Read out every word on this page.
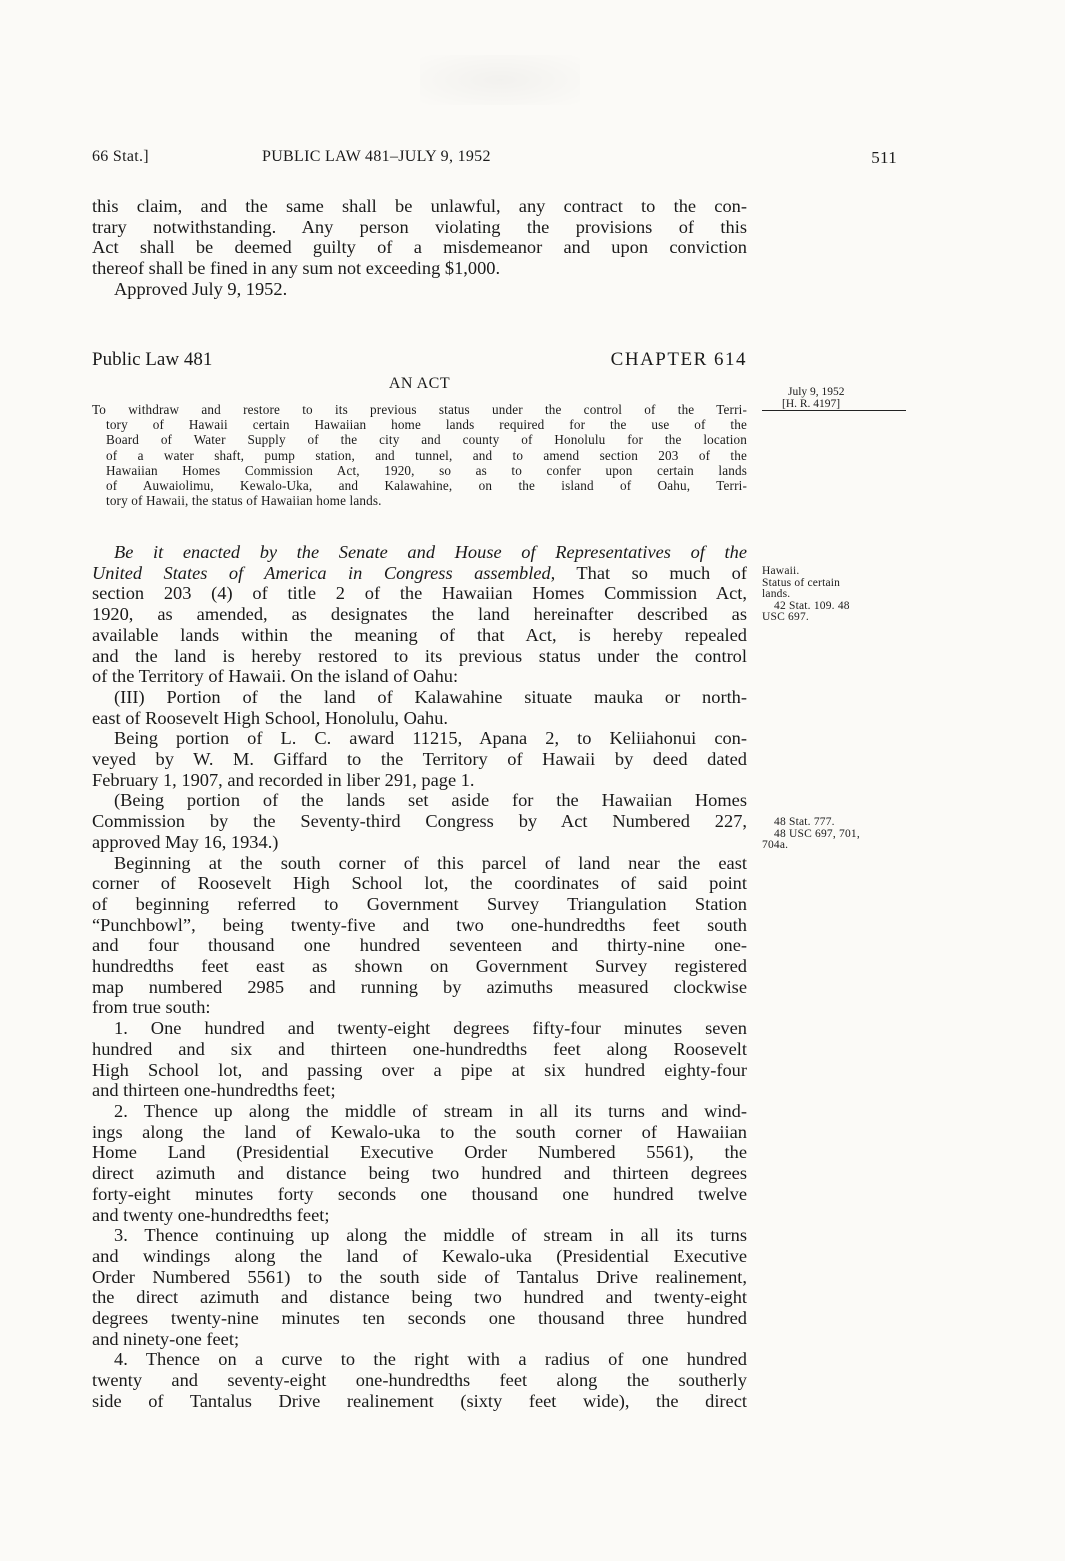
66 Stat.]	PUBLIC LAW 481–JULY 9, 1952	511
this claim, and the same shall be unlawful, any contract to the con-
trary notwithstanding. Any person violating the provisions of this
Act shall be deemed guilty of a misdemeanor and upon conviction
thereof shall be fined in any sum not exceeding $1,000.
Approved July 9, 1952.
Public Law 481	CHAPTER 614
AN ACT
To withdraw and restore to its previous status under the control of the Terri-
tory of Hawaii certain Hawaiian home lands required for the use of the
Board of Water Supply of the city and county of Honolulu for the location
of a water shaft, pump station, and tunnel, and to amend section 203 of the
Hawaiian Homes Commission Act, 1920, so as to confer upon certain lands
of Auwaiolimu, Kewalo-Uka, and Kalawahine, on the island of Oahu, Terri-
tory of Hawaii, the status of Hawaiian home lands.
July 9, 1952
[H. R. 4197]
Be it enacted by the Senate and House of Representatives of the
United States of America in Congress assembled, That so much of
section 203 (4) of title 2 of the Hawaiian Homes Commission Act,
1920, as amended, as designates the land hereinafter described as
available lands within the meaning of that Act, is hereby repealed
and the land is hereby restored to its previous status under the control
of the Territory of Hawaii. On the island of Oahu:
(III) Portion of the land of Kalawahine situate mauka or north-
east of Roosevelt High School, Honolulu, Oahu.
Being portion of L. C. award 11215, Apana 2, to Keliiahonui con-
veyed by W. M. Giffard to the Territory of Hawaii by deed dated
February 1, 1907, and recorded in liber 291, page 1.
(Being portion of the lands set aside for the Hawaiian Homes
Commission by the Seventy-third Congress by Act Numbered 227,
approved May 16, 1934.)
Beginning at the south corner of this parcel of land near the east
corner of Roosevelt High School lot, the coordinates of said point
of beginning referred to Government Survey Triangulation Station
“Punchbowl”, being twenty-five and two one-hundredths feet south
and four thousand one hundred seventeen and thirty-nine one-
hundredths feet east as shown on Government Survey registered
map numbered 2985 and running by azimuths measured clockwise
from true south:
1. One hundred and twenty-eight degrees fifty-four minutes seven
hundred and six and thirteen one-hundredths feet along Roosevelt
High School lot, and passing over a pipe at six hundred eighty-four
and thirteen one-hundredths feet;
2. Thence up along the middle of stream in all its turns and wind-
ings along the land of Kewalo-uka to the south corner of Hawaiian
Home Land (Presidential Executive Order Numbered 5561), the
direct azimuth and distance being two hundred and thirteen degrees
forty-eight minutes forty seconds one thousand one hundred twelve
and twenty one-hundredths feet;
3. Thence continuing up along the middle of stream in all its turns
and windings along the land of Kewalo-uka (Presidential Executive
Order Numbered 5561) to the south side of Tantalus Drive realinement,
the direct azimuth and distance being two hundred and twenty-eight
degrees twenty-nine minutes ten seconds one thousand three hundred
and ninety-one feet;
4. Thence on a curve to the right with a radius of one hundred
twenty and seventy-eight one-hundredths feet along the southerly
side of Tantalus Drive realinement (sixty feet wide), the direct
Hawaii.
Status of certain
lands.
42 Stat. 109. 48
USC 697.
48 Stat. 777.
48 USC 697, 701,
704a.
